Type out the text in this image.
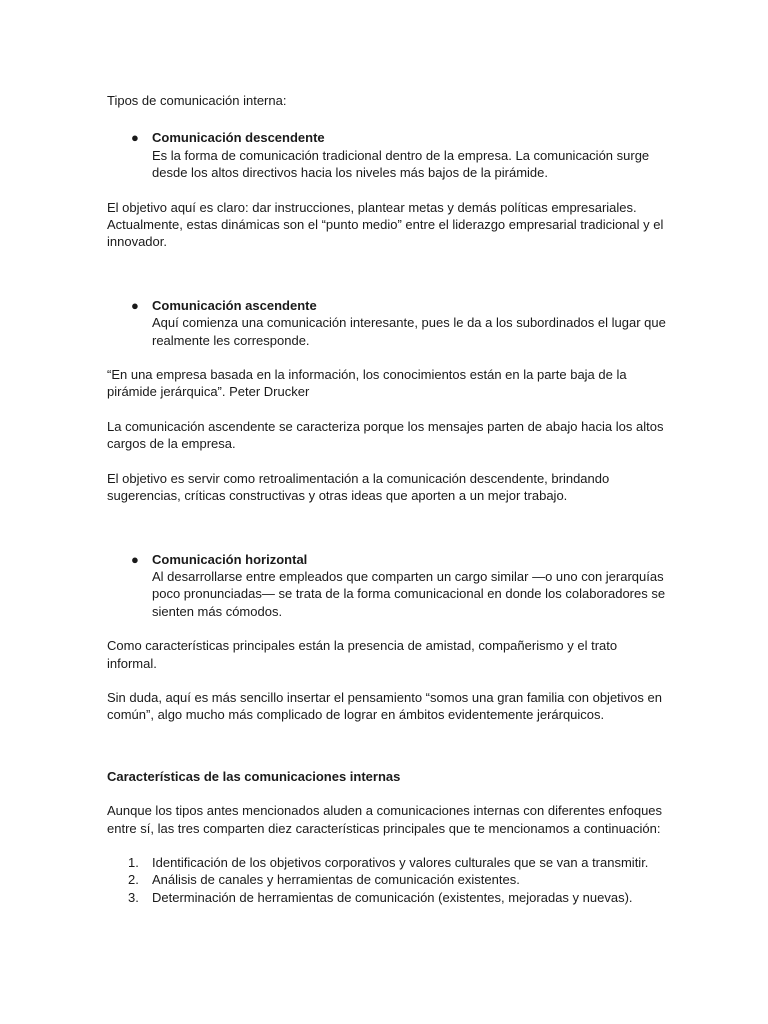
Tipos de comunicación interna:

● Comunicación descendente

Es la forma de comunicación tradicional dentro de la empresa. La comunicación surge desde los altos directivos hacia los niveles más bajos de la pirámide.

El objetivo aquí es claro: dar instrucciones, plantear metas y demás políticas empresariales. Actualmente, estas dinámicas son el “punto medio” entre el liderazgo empresarial tradicional y el innovador.

● Comunicación ascendente

Aquí comienza una comunicación interesante, pues le da a los subordinados el lugar que realmente les corresponde.

“En una empresa basada en la información, los conocimientos están en la parte baja de la pirámide jerárquica”. Peter Drucker

La comunicación ascendente se caracteriza porque los mensajes parten de abajo hacia los altos cargos de la empresa.

El objetivo es servir como retroalimentación a la comunicación descendente, brindando sugerencias, críticas constructivas y otras ideas que aporten a un mejor trabajo.

● Comunicación horizontal

Al desarrollarse entre empleados que comparten un cargo similar —o uno con jerarquías poco pronunciadas— se trata de la forma comunicacional en donde los colaboradores se sienten más cómodos.

Como características principales están la presencia de amistad, compañerismo y el trato informal.

Sin duda, aquí es más sencillo insertar el pensamiento “somos una gran familia con objetivos en común”, algo mucho más complicado de lograr en ámbitos evidentemente jerárquicos.

Características de las comunicaciones internas

Aunque los tipos antes mencionados aluden a comunicaciones internas con diferentes enfoques entre sí, las tres comparten diez características principales que te mencionamos a continuación:

1. Identificación de los objetivos corporativos y valores culturales que se van a transmitir.
2. Análisis de canales y herramientas de comunicación existentes.
3. Determinación de herramientas de comunicación (existentes, mejoradas y nuevas).
